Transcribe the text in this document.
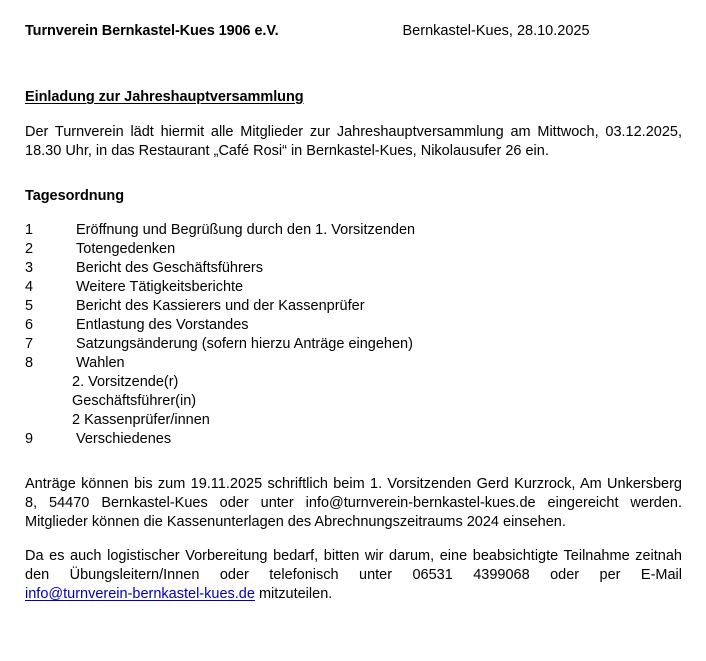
Turnverein Bernkastel-Kues 1906 e.V.	Bernkastel-Kues, 28.10.2025
Einladung zur Jahreshauptversammlung

Der Turnverein lädt hiermit alle Mitglieder zur Jahreshauptversammlung am Mittwoch, 03.12.2025, 18.30 Uhr, in das Restaurant „Café Rosi“ in Bernkastel-Kues, Nikolausufer 26 ein.

Tagesordnung
1	Eröffnung und Begrüßung durch den 1. Vorsitzenden
2	Totengedenken
3	Bericht des Geschäftsführers
4	Weitere Tätigkeitsberichte
5	Bericht des Kassierers und der Kassenprüfer
6	Entlastung des Vorstandes
7	Satzungsänderung (sofern hierzu Anträge eingehen)
8	Wahlen
2. Vorsitzende(r)
Geschäftsführer(in)
2 Kassenprüfer/innen
9	Verschiedenes

Anträge können bis zum 19.11.2025 schriftlich beim 1. Vorsitzenden Gerd Kurzrock, Am Unkersberg 8, 54470 Bernkastel-Kues oder unter info@turnverein-bernkastel-kues.de eingereicht werden. Mitglieder können die Kassenunterlagen des Abrechnungszeitraums 2024 einsehen.

Da es auch logistischer Vorbereitung bedarf, bitten wir darum, eine beabsichtigte Teilnahme zeitnah den Übungsleitern/Innen oder telefonisch unter 06531 4399068 oder per E-Mail info@turnverein-bernkastel-kues.de mitzuteilen.
